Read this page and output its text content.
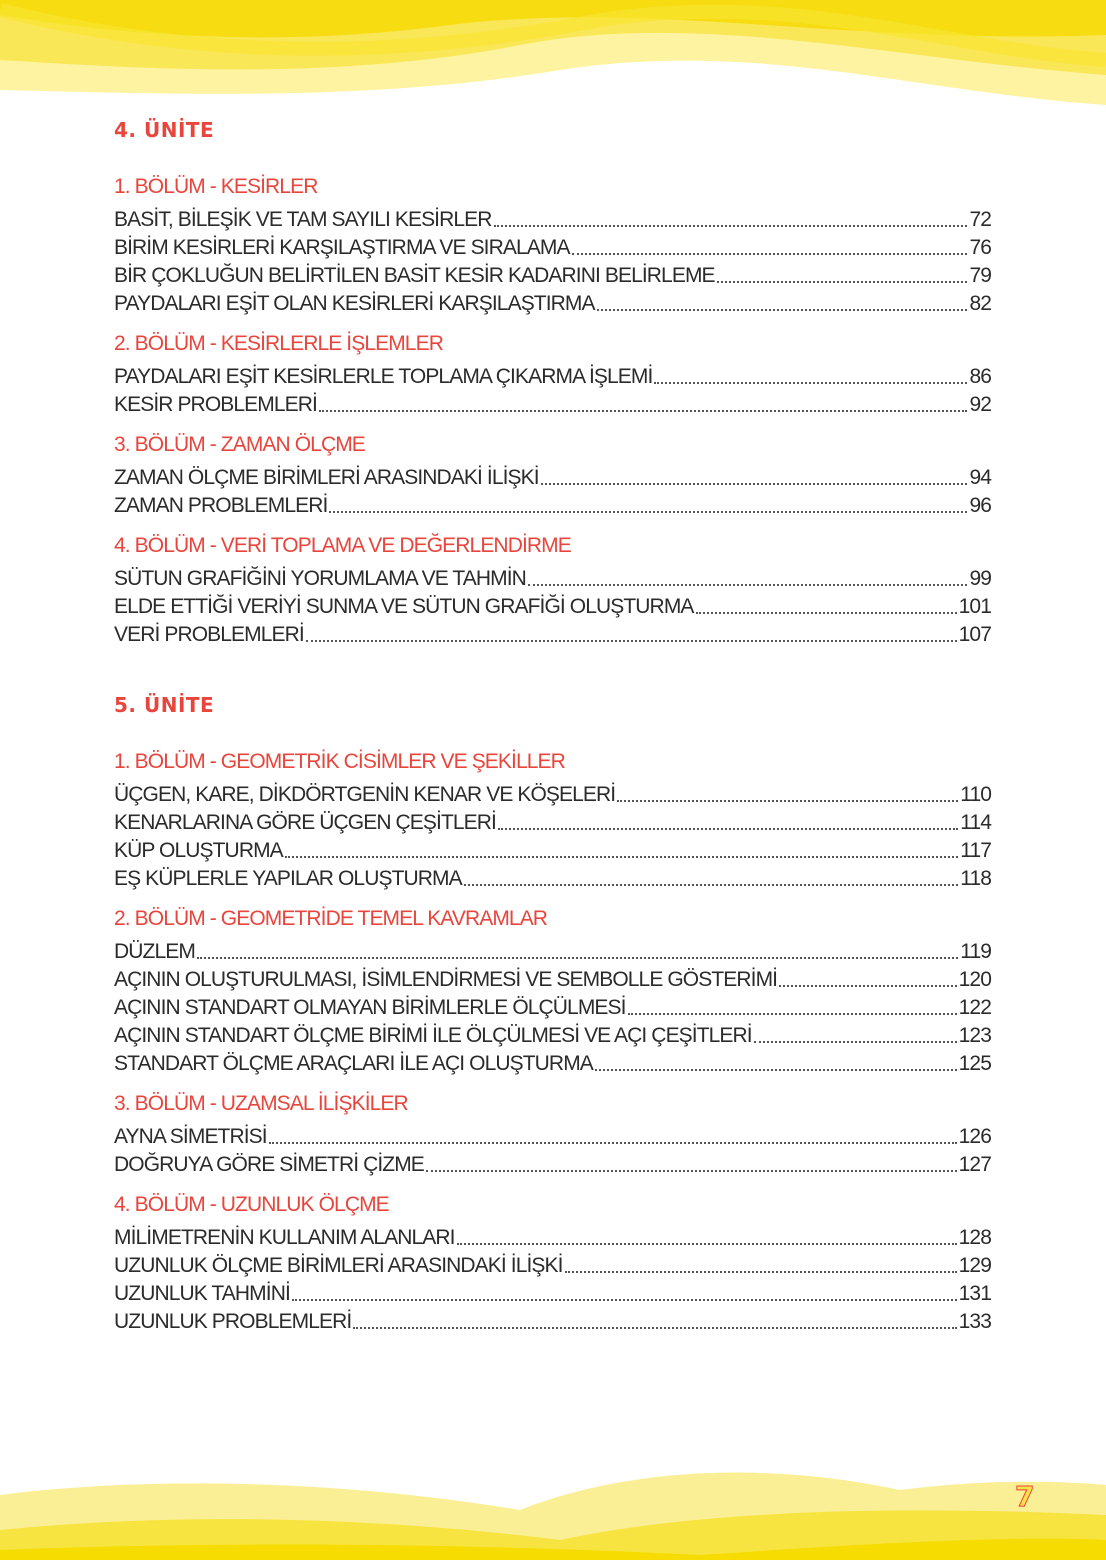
4. ÜNİTE
1. BÖLÜM - KESİRLER
BASİT, BİLEŞİK VE TAM SAYILI KESİRLER	72
BİRİM KESİRLERİ KARŞILAŞTIRMA VE SIRALAMA	76
BİR ÇOKLUĞUN BELİRTİLEN BASİT KESİR KADARINI BELİRLEME	79
PAYDALARI EŞİT OLAN KESİRLERİ KARŞILAŞTIRMA	82
2. BÖLÜM - KESİRLERLE İŞLEMLER
PAYDALARI EŞİT KESİRLERLE TOPLAMA ÇIKARMA İŞLEMİ	86
KESİR PROBLEMLERİ	92
3. BÖLÜM - ZAMAN ÖLÇME
ZAMAN ÖLÇME BİRİMLERİ ARASINDAKİ İLİŞKİ	94
ZAMAN PROBLEMLERİ	96
4. BÖLÜM - VERİ TOPLAMA VE DEĞERLENDİRME
SÜTUN GRAFİĞİNİ YORUMLAMA VE TAHMİN	99
ELDE ETTİĞİ VERİYİ SUNMA VE SÜTUN GRAFİĞİ OLUŞTURMA	101
VERİ PROBLEMLERİ	107
5. ÜNİTE
1. BÖLÜM - GEOMETRİK CİSİMLER VE ŞEKİLLER
ÜÇGEN, KARE, DİKDÖRTGENİN KENAR VE KÖŞELERİ	110
KENARLARINA GÖRE ÜÇGEN ÇEŞİTLERİ	114
KÜP OLUŞTURMA	117
EŞ KÜPLERLE YAPILAR OLUŞTURMA	118
2. BÖLÜM - GEOMETRİDE TEMEL KAVRAMLAR
DÜZLEM	119
AÇININ OLUŞTURULMASI, İSİMLENDİRMESİ VE SEMBOLLE GÖSTERİMİ	120
AÇININ STANDART OLMAYAN BİRİMLERLE ÖLÇÜLMESİ	122
AÇININ STANDART ÖLÇME BİRİMİ İLE ÖLÇÜLMESİ VE AÇI ÇEŞİTLERİ	123
STANDART ÖLÇME ARAÇLARI İLE AÇI OLUŞTURMA	125
3. BÖLÜM - UZAMSAL İLİŞKİLER
AYNA SİMETRİSİ	126
DOĞRUYA GÖRE SİMETRİ ÇİZME	127
4. BÖLÜM - UZUNLUK ÖLÇME
MİLİMETRENİN KULLANIM ALANLARI	128
UZUNLUK ÖLÇME BİRİMLERİ ARASINDAKİ İLİŞKİ	129
UZUNLUK TAHMİNİ	131
UZUNLUK PROBLEMLERİ	133
7
